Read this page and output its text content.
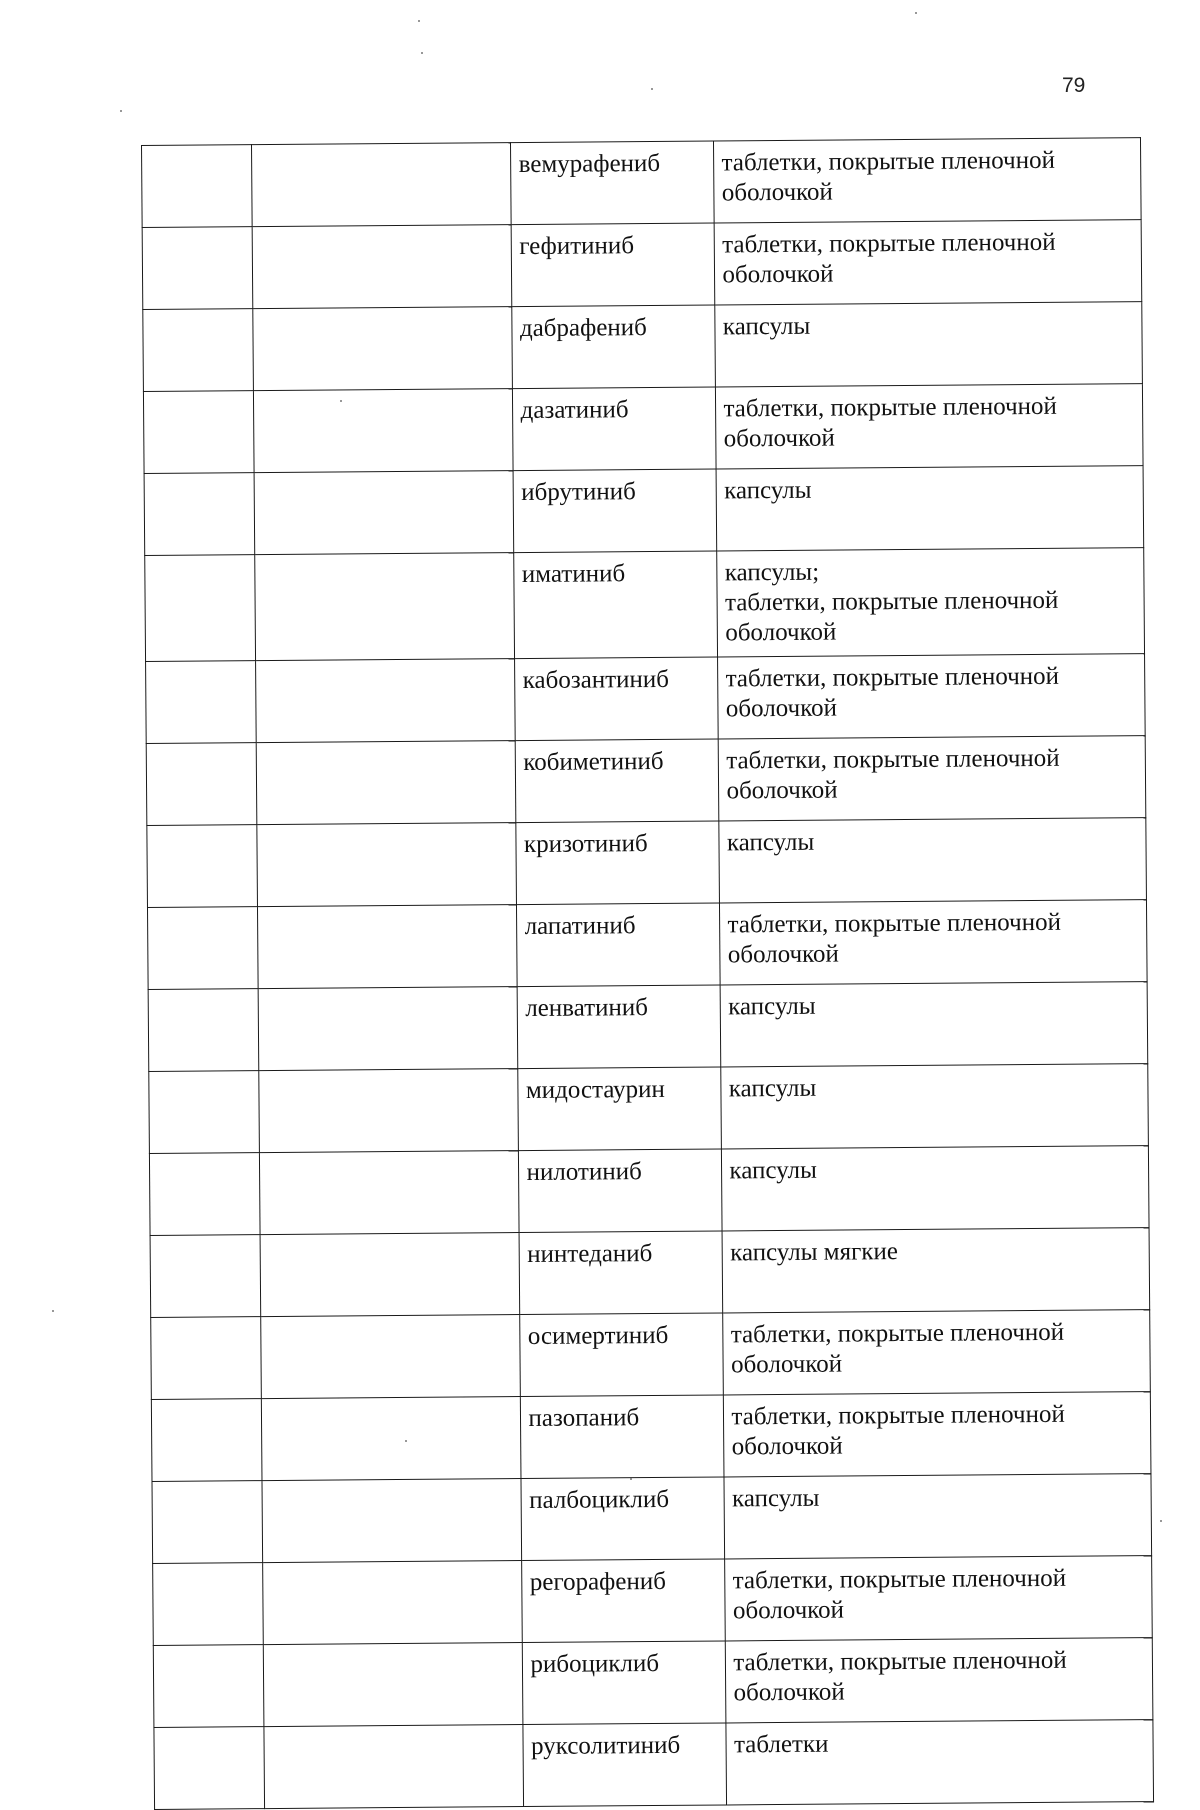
79
		вемурафениб	таблетки, покрытые пленочной
оболочкой

		гефитиниб	таблетки, покрытые пленочной
оболочкой

		дабрафениб	капсулы

		дазатиниб	таблетки, покрытые пленочной
оболочкой

		ибрутиниб	капсулы

		иматиниб	капсулы;
таблетки, покрытые пленочной
оболочкой

		кабозантиниб	таблетки, покрытые пленочной
оболочкой

		кобиметиниб	таблетки, покрытые пленочной
оболочкой

		кризотиниб	капсулы

		лапатиниб	таблетки, покрытые пленочной
оболочкой

		ленватиниб	капсулы

		мидостаурин	капсулы

		нилотиниб	капсулы

		нинтеданиб	капсулы мягкие

		осимертиниб	таблетки, покрытые пленочной
оболочкой

		пазопаниб	таблетки, покрытые пленочной
оболочкой

		палбоциклиб	капсулы

		регорафениб	таблетки, покрытые пленочной
оболочкой

		рибоциклиб	таблетки, покрытые пленочной
оболочкой

		руксолитиниб	таблетки
